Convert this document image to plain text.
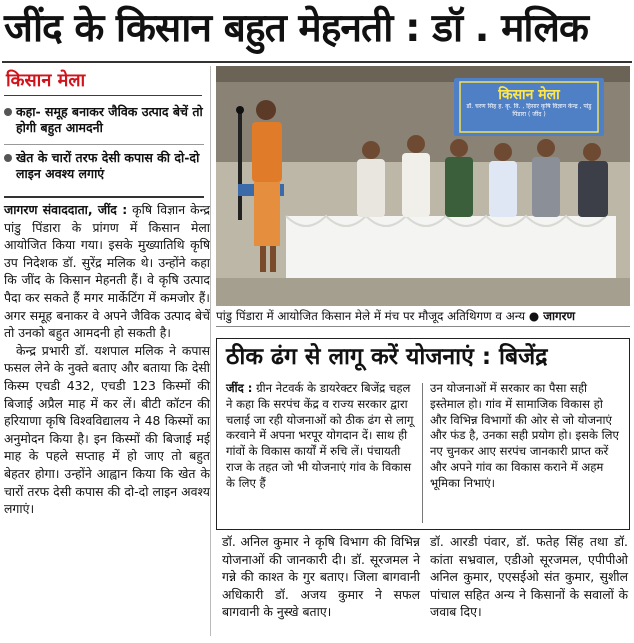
जींद के किसान बहुत मेहनती : डॉ . मलिक
किसान मेला
कहा- समूह बनाकर जैविक उत्पाद बेचें तो होगी बहुत आमदनी
खेत के चारों तरफ देसी कपास की दो-दो लाइन अवश्य लगाएं

जागरण संवाददाता, जींद : कृषि विज्ञान केन्द्र पांडु पिंडारा के प्रांगण में किसान मेला आयोजित किया गया। इसके मुख्यातिथि कृषि उप निदेशक डॉ. सुरेंद्र मलिक थे। उन्होंने कहा कि जींद के किसान मेहनती हैं। वे कृषि उत्पाद पैदा कर सकते हैं मगर मार्केटिंग में कमजोर हैं। अगर समूह बनाकर वे अपने जैविक उत्पाद बेचें तो उनको बहुत आमदनी हो सकती है।

केन्द्र प्रभारी डॉ. यशपाल मलिक ने कपास फसल लेने के नुक्ते बताए और बताया कि देसी किस्म एचडी 432, एचडी 123 किस्मों की बिजाई अप्रैल माह में कर लें। बीटी कॉटन की हरियाणा कृषि विश्वविद्यालय ने 48 किस्मों का अनुमोदन किया है। इन किस्मों की बिजाई मई माह के पहले सप्ताह में हो जाए तो बहुत बेहतर होगा। उन्होंने आह्वान किया कि खेत के चारों तरफ देसी कपास की दो-दो लाइन अवश्य लगाएं।

किसान मेला
डॉ. चरण सिंह ह. कृ. वि. , हिसार कृषि विज्ञान केन्द्र , पांडु पिंडारा ( जींद )
पांडु पिंडारा में आयोजित किसान मेले में मंच पर मौजूद अतिथिगण व अन्य ● जागरण
ठीक ढंग से लागू करें योजनाएं : बिजेंद्र
जींद : ग्रीन नेटवर्क के डायरेक्टर बिजेंद्र चहल ने कहा कि सरपंच केंद्र व राज्य सरकार द्वारा चलाई जा रही योजनाओं को ठीक ढंग से लागू करवाने में अपना भरपूर योगदान दें। साथ ही गांवों के विकास कार्यों में रुचि लें। पंचायती राज के तहत जो भी योजनाएं गांव के विकास के लिए हैं
उन योजनाओं में सरकार का पैसा सही इस्तेमाल हो। गांव में सामाजिक विकास हो और विभिन्न विभागों की ओर से जो योजनाएं और फंड है, उनका सही प्रयोग हो। इसके लिए नए चुनकर आए सरपंच जानकारी प्राप्त करें और अपने गांव का विकास कराने में अहम भूमिका निभाएं।
डॉ. अनिल कुमार ने कृषि विभाग की विभिन्न योजनाओं की जानकारी दी। डॉ. सूरजमल ने गन्ने की काश्त के गुर बताए। जिला बागवानी अधिकारी डॉ. अजय कुमार ने सफल बागवानी के नुस्खे बताए।
डॉ. आरडी पंवार, डॉ. फतेह सिंह तथा डॉ. कांता सभ्रवाल, एडीओ सूरजमल, एपीपीओ अनिल कुमार, एएसईओ संत कुमार, सुशील पांचाल सहित अन्य ने किसानों के सवालों के जवाब दिए।
